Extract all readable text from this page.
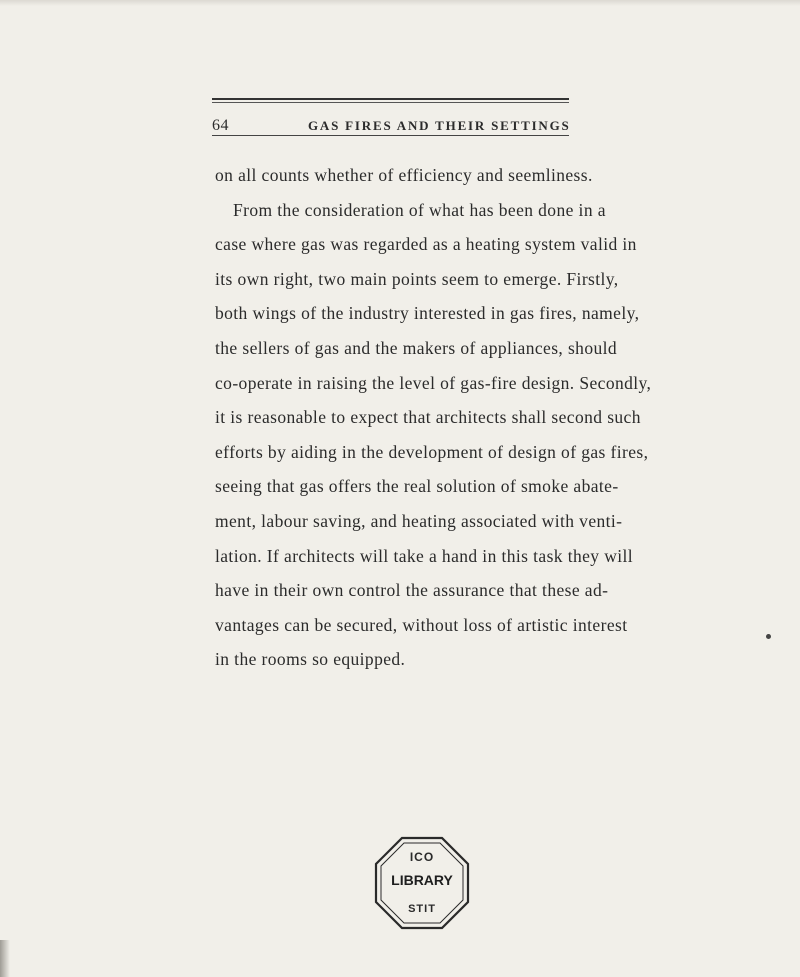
64	GAS FIRES AND THEIR SETTINGS

on all counts whether of efficiency and seemliness.
From the consideration of what has been done in a
case where gas was regarded as a heating system valid in
its own right, two main points seem to emerge. Firstly,
both wings of the industry interested in gas fires, namely,
the sellers of gas and the makers of appliances, should
co-operate in raising the level of gas-fire design. Secondly,
it is reasonable to expect that architects shall second such
efforts by aiding in the development of design of gas fires,
seeing that gas offers the real solution of smoke abate-
ment, labour saving, and heating associated with venti-
lation. If architects will take a hand in this task they will
have in their own control the assurance that these ad-
vantages can be secured, without loss of artistic interest
in the rooms so equipped.

ICO
STIT
LIBRARY
